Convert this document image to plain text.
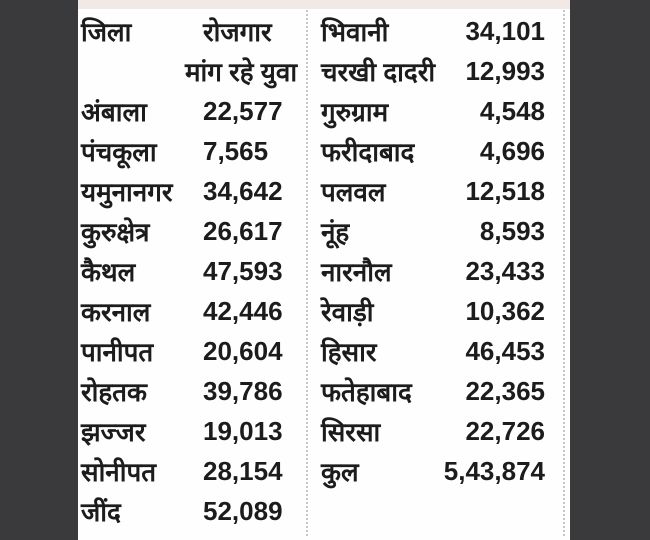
जिला	रोजगार
मांग रहे युवा
अंबाला	22,577
पंचकूला	7,565
यमुनानगर	34,642
कुरुक्षेत्र	26,617
कैथल	47,593
करनाल	42,446
पानीपत	20,604
रोहतक	39,786
झज्जर	19,013
सोनीपत	28,154
जींद	52,089
भिवानी	34,101
चरखी दादरी 12,993
गुरुग्राम	4,548
फरीदाबाद	4,696
पलवल	12,518
नूंह	8,593
नारनौल	23,433
रेवाड़ी	10,362
हिसार	46,453
फतेहाबाद 22,365
सिरसा	22,726
कुल	5,43,874
